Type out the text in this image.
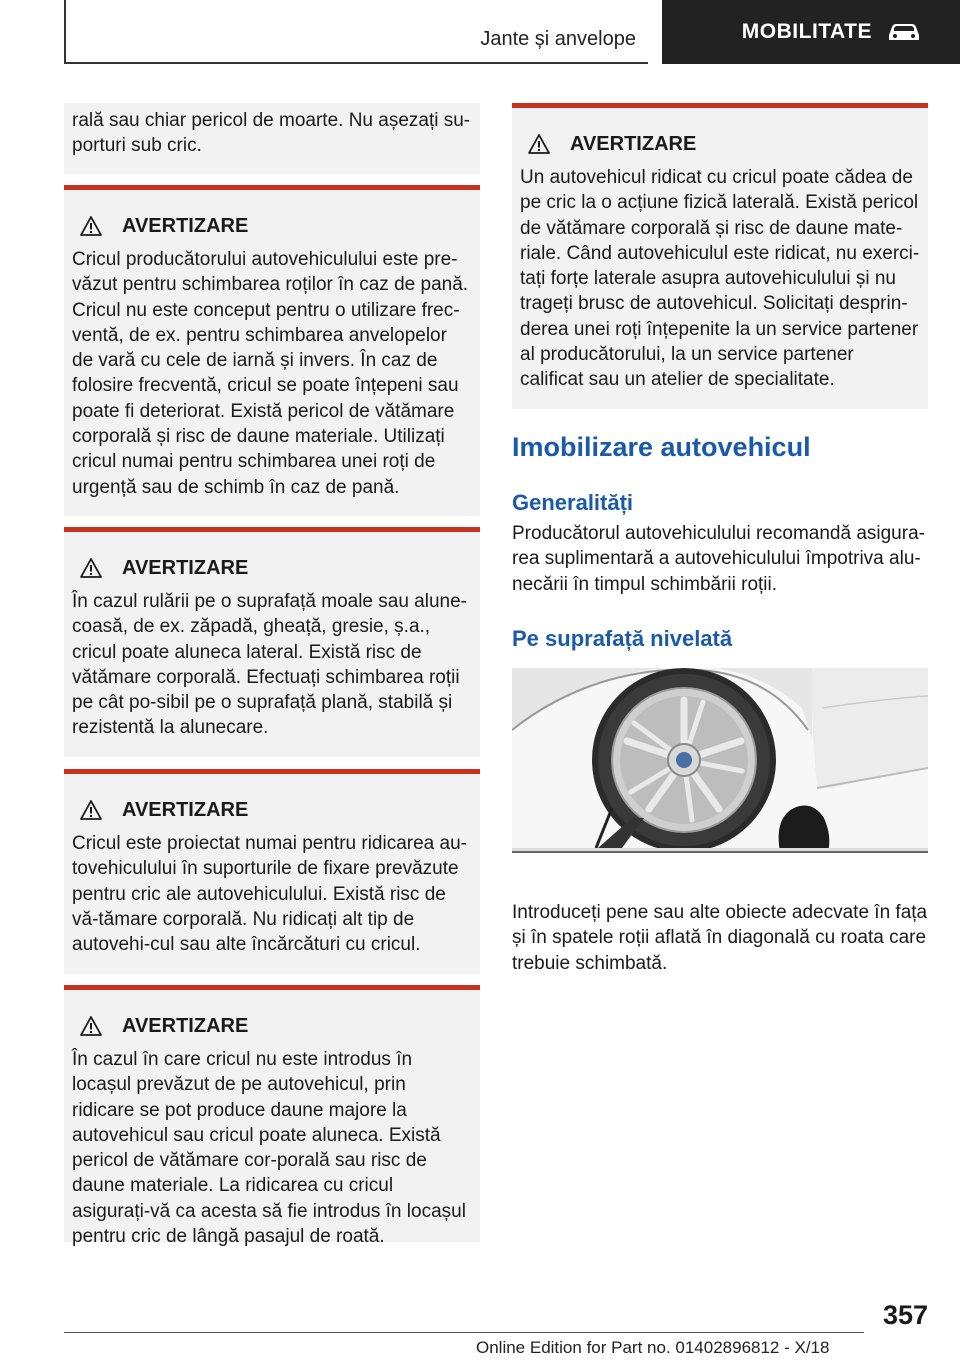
Jante și anvelope	MOBILITATE

rală sau chiar pericol de moarte. Nu așezați su-porturi sub cric.

AVERTIZARE

Cricul producătorului autovehiculului este pre-văzut pentru schimbarea roților în caz de pană. Cricul nu este conceput pentru o utilizare frec-ventă, de ex. pentru schimbarea anvelopelor de vară cu cele de iarnă și invers. În caz de folosire frecventă, cricul se poate înțepeni sau poate fi deteriorat. Există pericol de vătămare corporală și risc de daune materiale. Utilizați cricul numai pentru schimbarea unei roți de urgență sau de schimb în caz de pană.

AVERTIZARE

În cazul rulării pe o suprafață moale sau alune-coasă, de ex. zăpadă, gheață, gresie, ș.a., cricul poate aluneca lateral. Există risc de vătămare corporală. Efectuați schimbarea roții pe cât po-sibil pe o suprafață plană, stabilă și rezistentă la alunecare.

AVERTIZARE

Cricul este proiectat numai pentru ridicarea au-tovehiculului în suporturile de fixare prevăzute pentru cric ale autovehiculului. Există risc de vă-tămare corporală. Nu ridicați alt tip de autovehi-cul sau alte încărcături cu cricul.

AVERTIZARE

În cazul în care cricul nu este introdus în locașul prevăzut de pe autovehicul, prin ridicare se pot produce daune majore la autovehicul sau cricul poate aluneca. Există pericol de vătămare cor-porală sau risc de daune materiale. La ridicarea cu cricul asigurați-vă ca acesta să fie introdus în locașul pentru cric de lângă pasajul de roată.

AVERTIZARE

Un autovehicul ridicat cu cricul poate cădea de pe cric la o acțiune fizică laterală. Există pericol de vătămare corporală și risc de daune mate-riale. Când autovehiculul este ridicat, nu exerci-tați forțe laterale asupra autovehiculului și nu trageți brusc de autovehicul. Solicitați desprin-derea unei roți înțepenite la un service partener al producătorului, la un service partener calificat sau un atelier de specialitate.

Imobilizare autovehicul
Generalități

Producătorul autovehiculului recomandă asigura-rea suplimentară a autovehiculului împotriva alu-necării în timpul schimbării roții.

Pe suprafață nivelată

Introduceți pene sau alte obiecte adecvate în fața și în spatele roții aflată în diagonală cu roata care trebuie schimbată.

357
Online Edition for Part no. 01402896812 - X/18
